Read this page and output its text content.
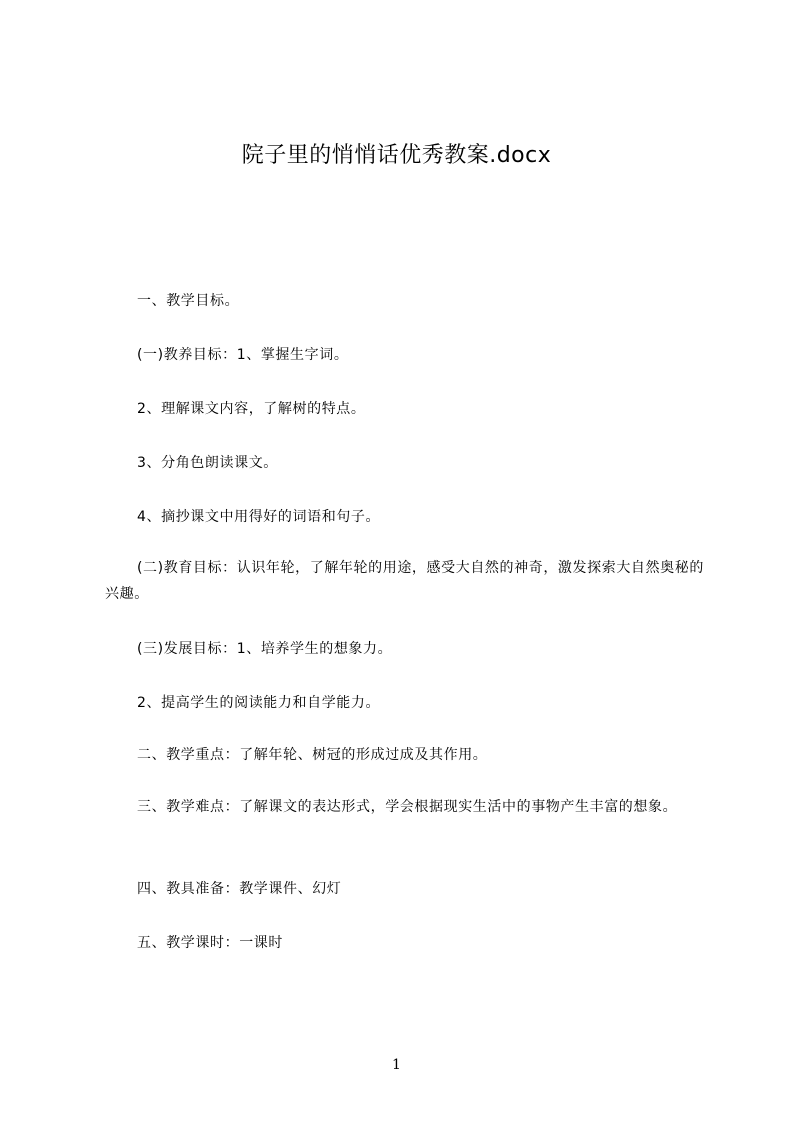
院子里的悄悄话优秀教案.docx

一、教学目标。

(一)教养目标：1、掌握生字词。

2、理解课文内容，了解树的特点。

3、分角色朗读课文。

4、摘抄课文中用得好的词语和句子。

(二)教育目标：认识年轮，了解年轮的用途，感受大自然的神奇，激发探索大自然奥秘的兴趣。

(三)发展目标：1、培养学生的想象力。

2、提高学生的阅读能力和自学能力。

二、教学重点：了解年轮、树冠的形成过成及其作用。

三、教学难点：了解课文的表达形式，学会根据现实生活中的事物产生丰富的想象。

四、教具准备：教学课件、幻灯

五、教学课时：一课时

1
